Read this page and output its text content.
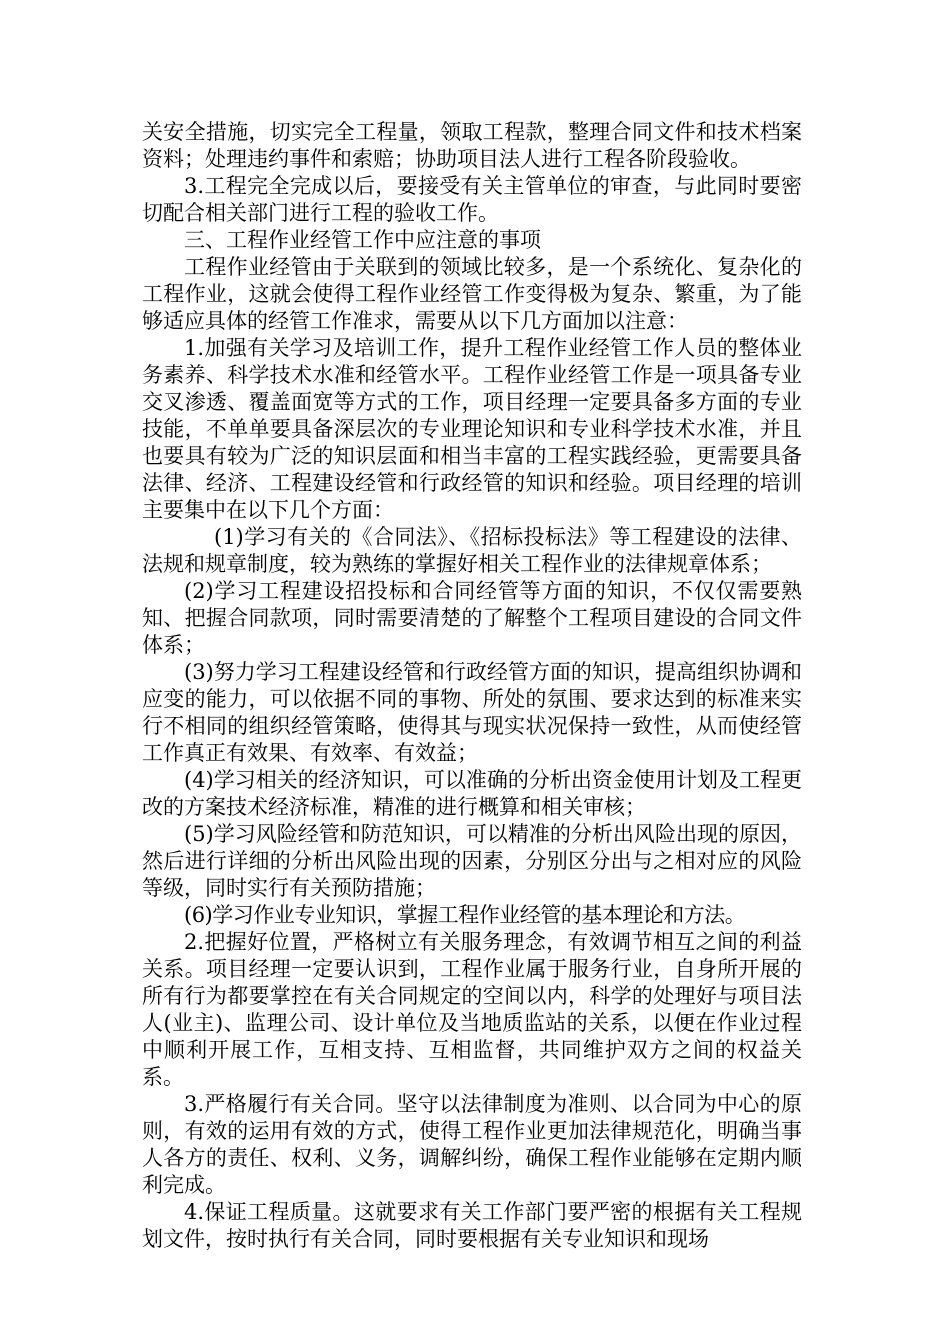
关安全措施，切实完全工程量，领取工程款，整理合同文件和技术档案资料；处理违约事件和索赔；协助项目法人进行工程各阶段验收。

3.工程完全完成以后，要接受有关主管单位的审查，与此同时要密切配合相关部门进行工程的验收工作。

三、工程作业经管工作中应注意的事项

工程作业经管由于关联到的领域比较多，是一个系统化、复杂化的工程作业，这就会使得工程作业经管工作变得极为复杂、繁重，为了能够适应具体的经管工作准求，需要从以下几方面加以注意：

1.加强有关学习及培训工作，提升工程作业经管工作人员的整体业务素养、科学技术水准和经管水平。工程作业经管工作是一项具备专业交叉渗透、覆盖面宽等方式的工作，项目经理一定要具备多方面的专业技能，不单单要具备深层次的专业理论知识和专业科学技术水准，并且也要具有较为广泛的知识层面和相当丰富的工程实践经验，更需要具备法律、经济、工程建设经管和行政经管的知识和经验。项目经理的培训主要集中在以下几个方面：

(1)学习有关的《合同法》、《招标投标法》等工程建设的法律、法规和规章制度，较为熟练的掌握好相关工程作业的法律规章体系；

(2)学习工程建设招投标和合同经管等方面的知识，不仅仅需要熟知、把握合同款项，同时需要清楚的了解整个工程项目建设的合同文件体系；

(3)努力学习工程建设经管和行政经管方面的知识，提高组织协调和应变的能力，可以依据不同的事物、所处的氛围、要求达到的标准来实行不相同的组织经管策略，使得其与现实状况保持一致性，从而使经管工作真正有效果、有效率、有效益；

(4)学习相关的经济知识，可以准确的分析出资金使用计划及工程更改的方案技术经济标准，精准的进行概算和相关审核；

(5)学习风险经管和防范知识，可以精准的分析出风险出现的原因，然后进行详细的分析出风险出现的因素，分别区分出与之相对应的风险等级，同时实行有关预防措施；

(6)学习作业专业知识，掌握工程作业经管的基本理论和方法。

2.把握好位置，严格树立有关服务理念，有效调节相互之间的利益关系。项目经理一定要认识到，工程作业属于服务行业，自身所开展的所有行为都要掌控在有关合同规定的空间以内，科学的处理好与项目法人(业主)、监理公司、设计单位及当地质监站的关系，以便在作业过程中顺利开展工作，互相支持、互相监督，共同维护双方之间的权益关系。

3.严格履行有关合同。坚守以法律制度为准则、以合同为中心的原则，有效的运用有效的方式，使得工程作业更加法律规范化，明确当事人各方的责任、权利、义务，调解纠纷，确保工程作业能够在定期内顺利完成。

4.保证工程质量。这就要求有关工作部门要严密的根据有关工程规划文件，按时执行有关合同，同时要根据有关专业知识和现场
